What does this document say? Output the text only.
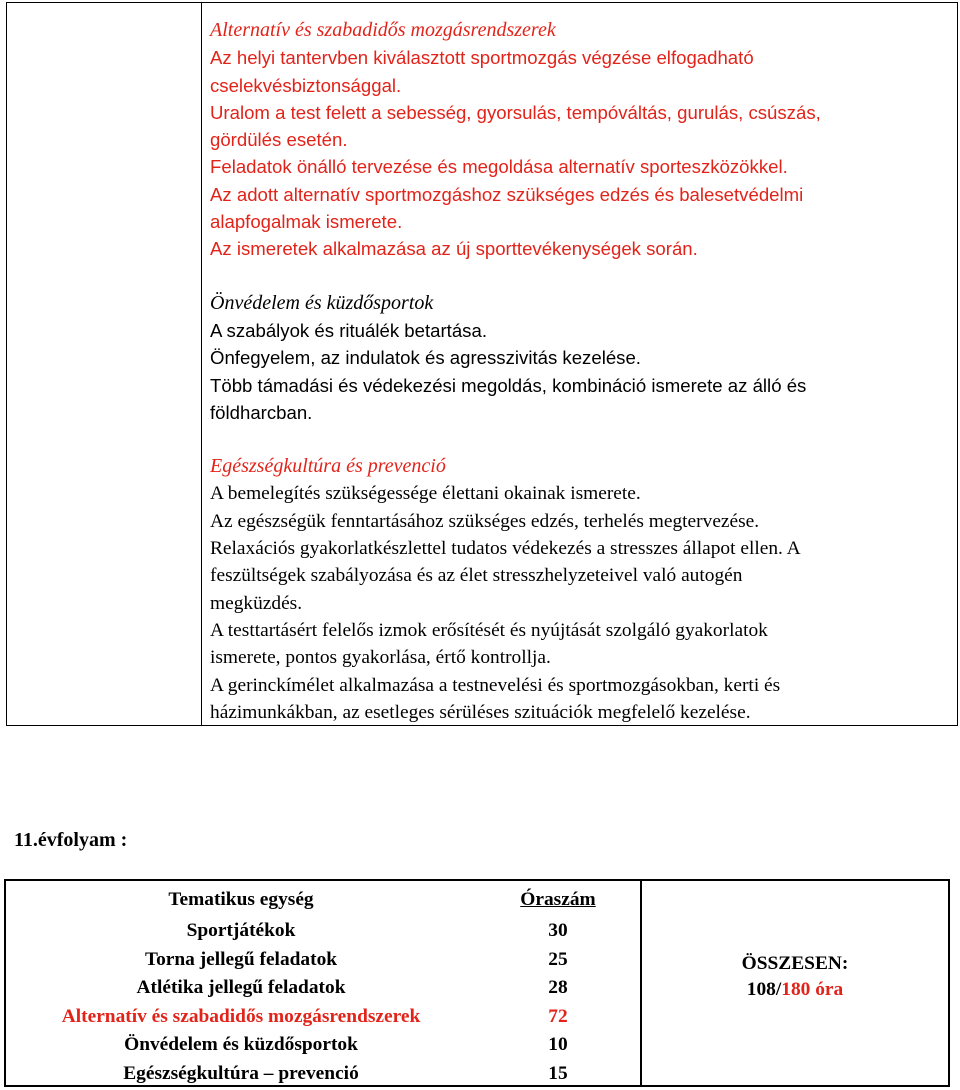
Alternatív és szabadidős mozgásrendszerek
Az helyi tantervben kiválasztott sportmozgás végzése elfogadható
cselekvésbiztonsággal.
Uralom a test felett a sebesség, gyorsulás, tempóváltás, gurulás, csúszás,
gördülés esetén.
Feladatok önálló tervezése és megoldása alternatív sporteszközökkel.
Az adott alternatív sportmozgáshoz szükséges edzés és balesetvédelmi
alapfogalmak ismerete.
Az ismeretek alkalmazása az új sporttevékenységek során.
Önvédelem és küzdősportok
A szabályok és rituálék betartása.
Önfegyelem, az indulatok és agresszivitás kezelése.
Több támadási és védekezési megoldás, kombináció ismerete az álló és
földharcban.
Egészségkultúra és prevenció
A bemelegítés szükségessége élettani okainak ismerete.
Az egészségük fenntartásához szükséges edzés, terhelés megtervezése.
Relaxációs gyakorlatkészlettel tudatos védekezés a stresszes állapot ellen. A
feszültségek szabályozása és az élet stresszhelyzeteivel való autogén
megküzdés.
A testtartásért felelős izmok erősítését és nyújtását szolgáló gyakorlatok
ismerete, pontos gyakorlása, értő kontrollja.
A gerinckímélet alkalmazása a testnevelési és sportmozgásokban, kerti és
házimunkákban, az esetleges sérüléses szituációk megfelelő kezelése.
11.évfolyam :
Tematikus egység	Óraszám
Sportjátékok	30
Torna jellegű feladatok	25
Atlétika jellegű feladatok	28
Alternatív és szabadidős mozgásrendszerek	72
Önvédelem és küzdősportok	10
Egészségkultúra – prevenció	15
ÖSSZESEN:
108/180 óra
